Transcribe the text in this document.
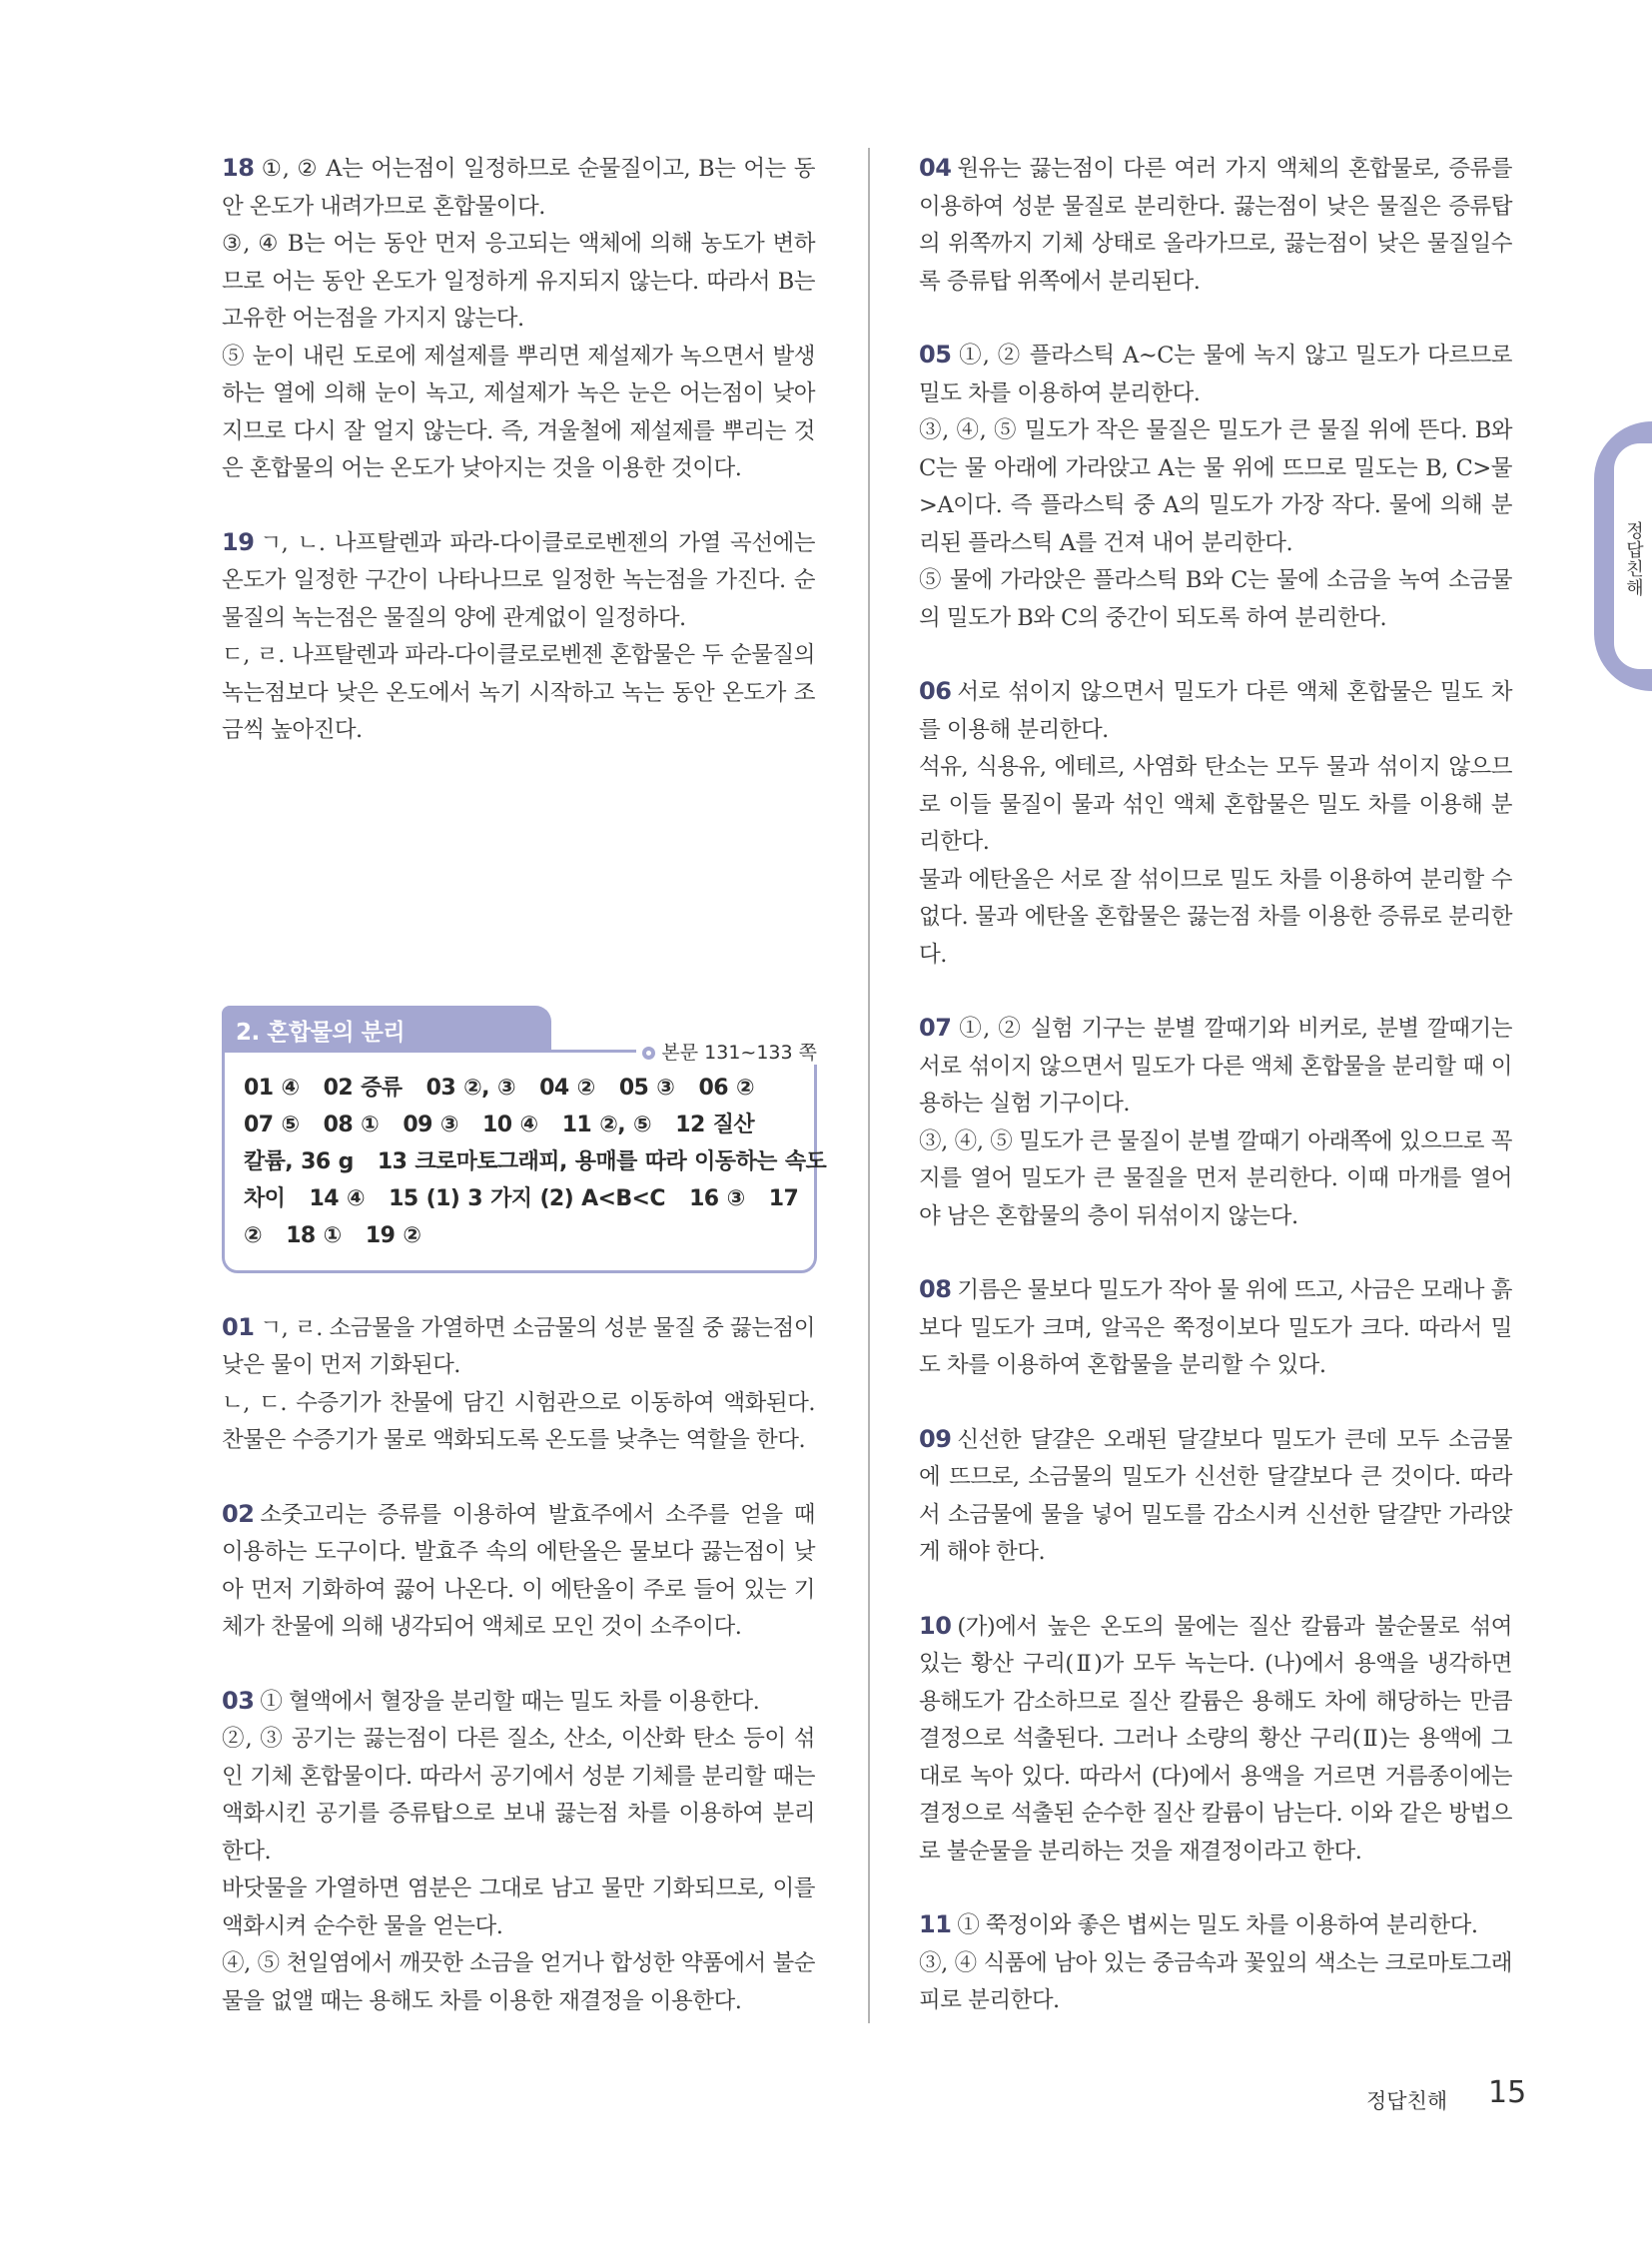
18 ①, ② A는 어는점이 일정하므로 순물질이고, B는 어는 동안 온도가 내려가므로 혼합물이다.

③, ④ B는 어는 동안 먼저 응고되는 액체에 의해 농도가 변하므로 어는 동안 온도가 일정하게 유지되지 않는다. 따라서 B는 고유한 어는점을 가지지 않는다.

⑤ 눈이 내린 도로에 제설제를 뿌리면 제설제가 녹으면서 발생하는 열에 의해 눈이 녹고, 제설제가 녹은 눈은 어는점이 낮아지므로 다시 잘 얼지 않는다. 즉, 겨울철에 제설제를 뿌리는 것은 혼합물의 어는 온도가 낮아지는 것을 이용한 것이다.

19 ㄱ, ㄴ. 나프탈렌과 파라-다이클로로벤젠의 가열 곡선에는 온도가 일정한 구간이 나타나므로 일정한 녹는점을 가진다. 순물질의 녹는점은 물질의 양에 관계없이 일정하다.

ㄷ, ㄹ. 나프탈렌과 파라-다이클로로벤젠 혼합물은 두 순물질의 녹는점보다 낮은 온도에서 녹기 시작하고 녹는 동안 온도가 조금씩 높아진다.

2. 혼합물의 분리
본문 131~133 쪽
01 ④   02 증류   03 ②, ③   04 ②   05 ③   06 ②
07 ⑤   08 ①   09 ③   10 ④   11 ②, ⑤   12 질산
칼륨, 36 g   13 크로마토그래피, 용매를 따라 이동하는 속도
차이   14 ④   15 (1) 3 가지 (2) A<B<C   16 ③   17
②   18 ①   19 ②

01 ㄱ, ㄹ. 소금물을 가열하면 소금물의 성분 물질 중 끓는점이 낮은 물이 먼저 기화된다.

ㄴ, ㄷ. 수증기가 찬물에 담긴 시험관으로 이동하여 액화된다. 찬물은 수증기가 물로 액화되도록 온도를 낮추는 역할을 한다.

02 소줏고리는 증류를 이용하여 발효주에서 소주를 얻을 때 이용하는 도구이다. 발효주 속의 에탄올은 물보다 끓는점이 낮아 먼저 기화하여 끓어 나온다. 이 에탄올이 주로 들어 있는 기체가 찬물에 의해 냉각되어 액체로 모인 것이 소주이다.

03 ① 혈액에서 혈장을 분리할 때는 밀도 차를 이용한다.

②, ③ 공기는 끓는점이 다른 질소, 산소, 이산화 탄소 등이 섞인 기체 혼합물이다. 따라서 공기에서 성분 기체를 분리할 때는 액화시킨 공기를 증류탑으로 보내 끓는점 차를 이용하여 분리한다.

바닷물을 가열하면 염분은 그대로 남고 물만 기화되므로, 이를 액화시켜 순수한 물을 얻는다.

④, ⑤ 천일염에서 깨끗한 소금을 얻거나 합성한 약품에서 불순물을 없앨 때는 용해도 차를 이용한 재결정을 이용한다.

04 원유는 끓는점이 다른 여러 가지 액체의 혼합물로, 증류를 이용하여 성분 물질로 분리한다. 끓는점이 낮은 물질은 증류탑의 위쪽까지 기체 상태로 올라가므로, 끓는점이 낮은 물질일수록 증류탑 위쪽에서 분리된다.

05 ①, ② 플라스틱 A~C는 물에 녹지 않고 밀도가 다르므로 밀도 차를 이용하여 분리한다.

③, ④, ⑤ 밀도가 작은 물질은 밀도가 큰 물질 위에 뜬다. B와 C는 물 아래에 가라앉고 A는 물 위에 뜨므로 밀도는 B, C>물>A이다. 즉 플라스틱 중 A의 밀도가 가장 작다. 물에 의해 분리된 플라스틱 A를 건져 내어 분리한다.

⑤ 물에 가라앉은 플라스틱 B와 C는 물에 소금을 녹여 소금물의 밀도가 B와 C의 중간이 되도록 하여 분리한다.

06 서로 섞이지 않으면서 밀도가 다른 액체 혼합물은 밀도 차를 이용해 분리한다.

석유, 식용유, 에테르, 사염화 탄소는 모두 물과 섞이지 않으므로 이들 물질이 물과 섞인 액체 혼합물은 밀도 차를 이용해 분리한다.

물과 에탄올은 서로 잘 섞이므로 밀도 차를 이용하여 분리할 수 없다. 물과 에탄올 혼합물은 끓는점 차를 이용한 증류로 분리한다.

07 ①, ② 실험 기구는 분별 깔때기와 비커로, 분별 깔때기는 서로 섞이지 않으면서 밀도가 다른 액체 혼합물을 분리할 때 이용하는 실험 기구이다.

③, ④, ⑤ 밀도가 큰 물질이 분별 깔때기 아래쪽에 있으므로 꼭지를 열어 밀도가 큰 물질을 먼저 분리한다. 이때 마개를 열어야 남은 혼합물의 층이 뒤섞이지 않는다.

08 기름은 물보다 밀도가 작아 물 위에 뜨고, 사금은 모래나 흙보다 밀도가 크며, 알곡은 쭉정이보다 밀도가 크다. 따라서 밀도 차를 이용하여 혼합물을 분리할 수 있다.

09 신선한 달걀은 오래된 달걀보다 밀도가 큰데 모두 소금물에 뜨므로, 소금물의 밀도가 신선한 달걀보다 큰 것이다. 따라서 소금물에 물을 넣어 밀도를 감소시켜 신선한 달걀만 가라앉게 해야 한다.

10 (가)에서 높은 온도의 물에는 질산 칼륨과 불순물로 섞여 있는 황산 구리(Ⅱ)가 모두 녹는다. (나)에서 용액을 냉각하면 용해도가 감소하므로 질산 칼륨은 용해도 차에 해당하는 만큼 결정으로 석출된다. 그러나 소량의 황산 구리(Ⅱ)는 용액에 그대로 녹아 있다. 따라서 (다)에서 용액을 거르면 거름종이에는 결정으로 석출된 순수한 질산 칼륨이 남는다. 이와 같은 방법으로 불순물을 분리하는 것을 재결정이라고 한다.

11 ① 쭉정이와 좋은 볍씨는 밀도 차를 이용하여 분리한다.

③, ④ 식품에 남아 있는 중금속과 꽃잎의 색소는 크로마토그래피로 분리한다.

정답친해
정답친해 15
